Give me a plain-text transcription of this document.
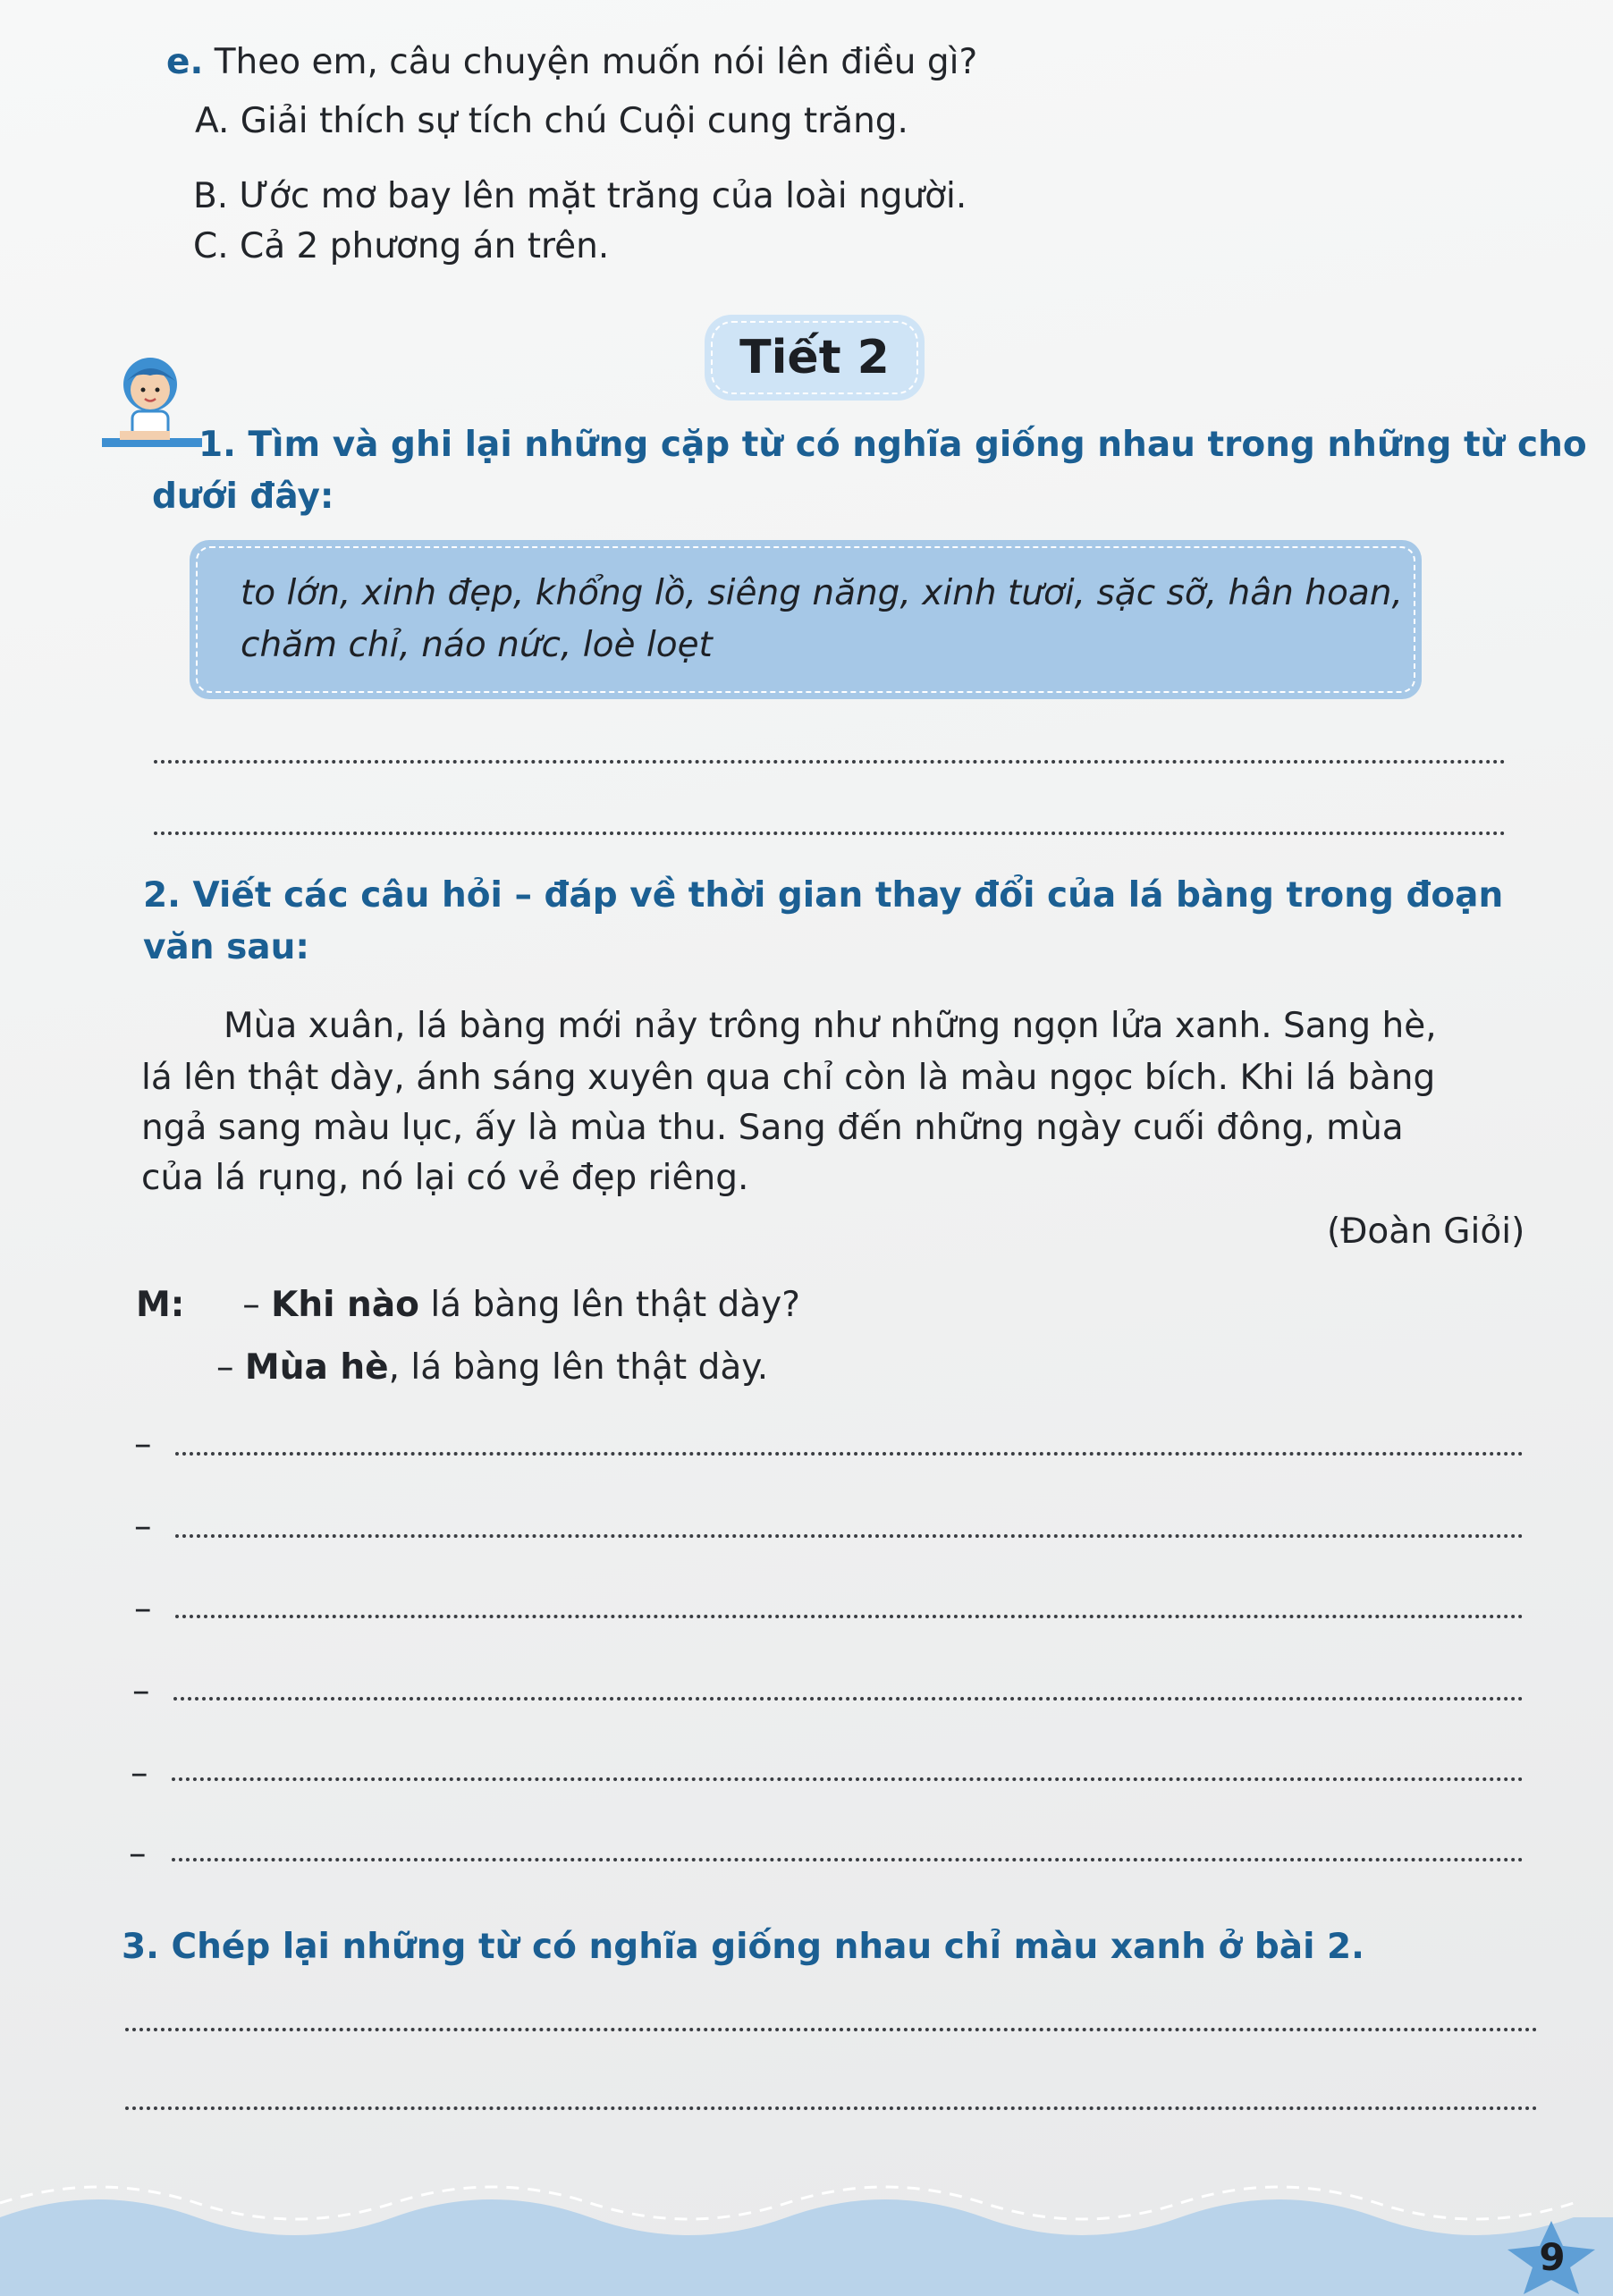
e. Theo em, câu chuyện muốn nói lên điều gì?
A. Giải thích sự tích chú Cuội cung trăng.
B. Ước mơ bay lên mặt trăng của loài người.
C. Cả 2 phương án trên.
Tiết 2
1. Tìm và ghi lại những cặp từ có nghĩa giống nhau trong những từ cho
dưới đây:
to lớn, xinh đẹp, khổng lồ, siêng năng, xinh tươi, sặc sỡ, hân hoan,
chăm chỉ, náo nức, loè loẹt
2. Viết các câu hỏi – đáp về thời gian thay đổi của lá bàng trong đoạn
văn sau:
Mùa xuân, lá bàng mới nảy trông như những ngọn lửa xanh. Sang hè,
lá lên thật dày, ánh sáng xuyên qua chỉ còn là màu ngọc bích. Khi lá bàng
ngả sang màu lục, ấy là mùa thu. Sang đến những ngày cuối đông, mùa
của lá rụng, nó lại có vẻ đẹp riêng.
(Đoàn Giỏi)
M: – Khi nào lá bàng lên thật dày?
– Mùa hè, lá bàng lên thật dày.
–
–
–
–
–
–
3. Chép lại những từ có nghĩa giống nhau chỉ màu xanh ở bài 2.
9
